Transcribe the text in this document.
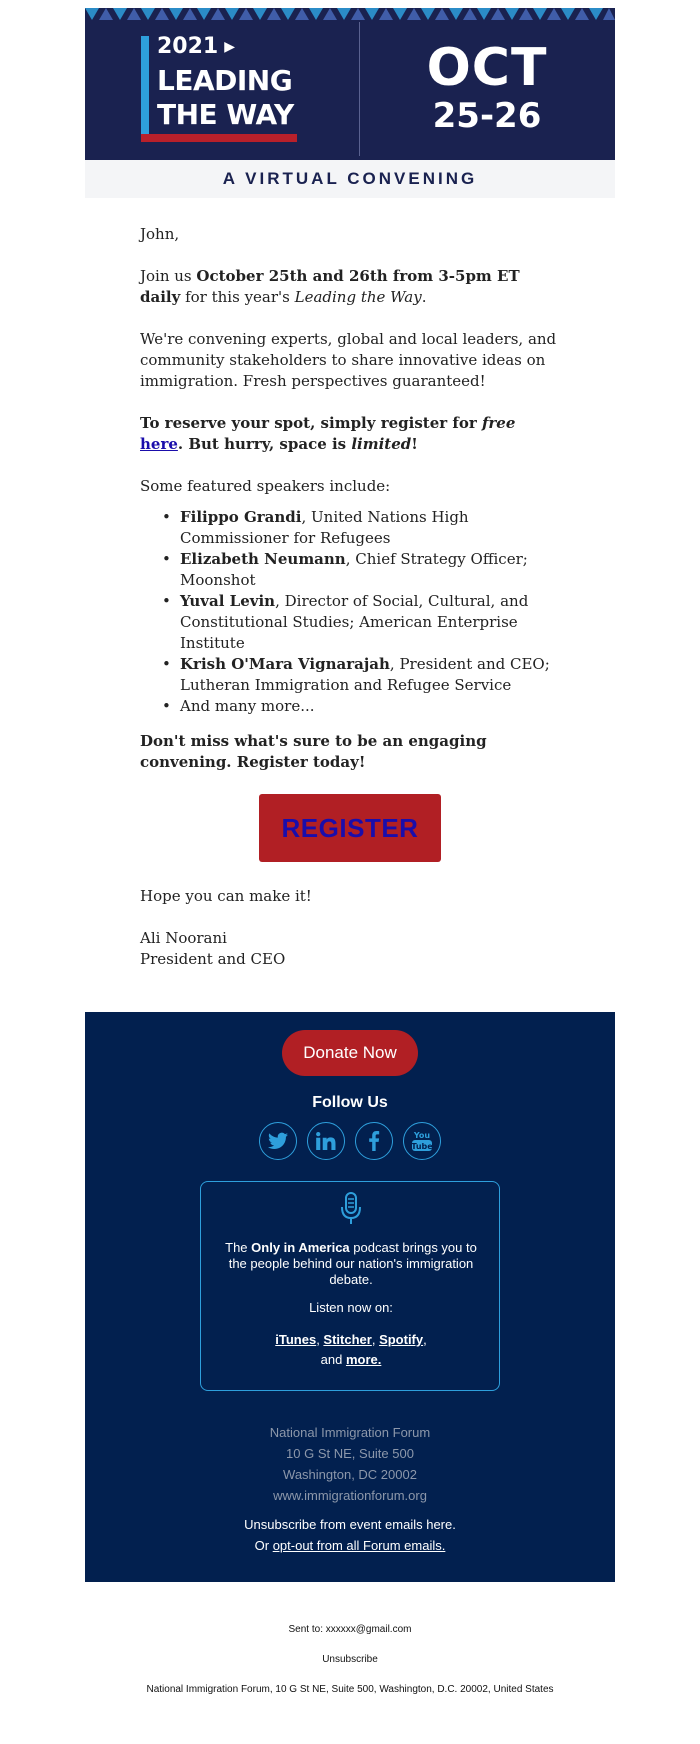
2021 ▶
LEADING
THE WAY
OCT
25-26
A VIRTUAL CONVENING

John,

Join us October 25th and 26th from 3-5pm ET daily for this year's Leading the Way.

We're convening experts, global and local leaders, and community stakeholders to share innovative ideas on immigration. Fresh perspectives guaranteed!

To reserve your spot, simply register for free here. But hurry, space is limited!

Some featured speakers include:

• Filippo Grandi, United Nations High Commissioner for Refugees
• Elizabeth Neumann, Chief Strategy Officer; Moonshot
• Yuval Levin, Director of Social, Cultural, and Constitutional Studies; American Enterprise Institute
• Krish O'Mara Vignarajah, President and CEO; Lutheran Immigration and Refugee Service
• And many more...

Don't miss what's sure to be an engaging convening. Register today!

REGISTER

Hope you can make it!

Ali Noorani
President and CEO

Donate Now
Follow Us
You
Tube
The Only in America podcast brings you to the people behind our nation's immigration debate.
Listen now on:
iTunes, Stitcher, Spotify,
and more.
National Immigration Forum
10 G St NE, Suite 500
Washington, DC 20002
www.immigrationforum.org
Unsubscribe from event emails here.
Or opt-out from all Forum emails.
Sent to: xxxxxx@gmail.com
Unsubscribe
National Immigration Forum, 10 G St NE, Suite 500, Washington, D.C. 20002, United States
